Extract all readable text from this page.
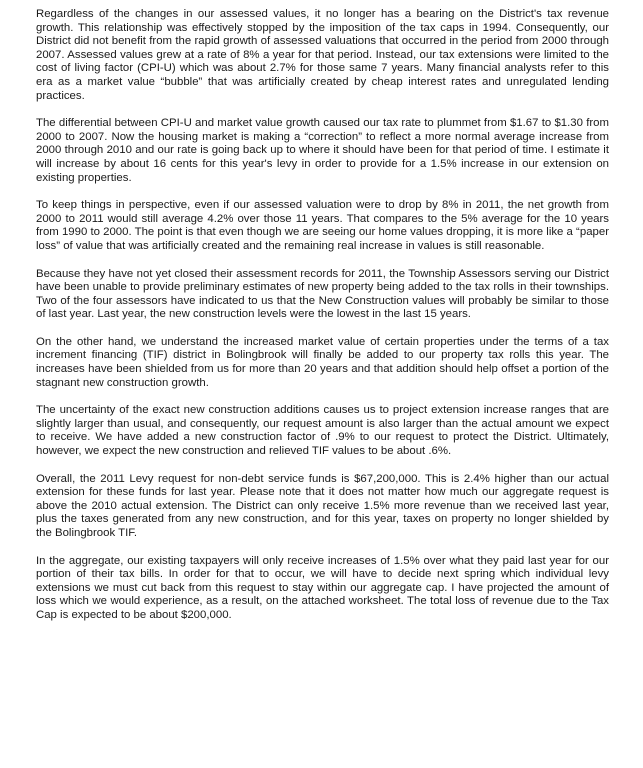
Regardless of the changes in our assessed values, it no longer has a bearing on the District's tax revenue growth. This relationship was effectively stopped by the imposition of the tax caps in 1994. Consequently, our District did not benefit from the rapid growth of assessed valuations that occurred in the period from 2000 through 2007. Assessed values grew at a rate of 8% a year for that period. Instead, our tax extensions were limited to the cost of living factor (CPI-U) which was about 2.7% for those same 7 years. Many financial analysts refer to this era as a market value “bubble” that was artificially created by cheap interest rates and unregulated lending practices.

The differential between CPI-U and market value growth caused our tax rate to plummet from $1.67 to $1.30 from 2000 to 2007. Now the housing market is making a “correction” to reflect a more normal average increase from 2000 through 2010 and our rate is going back up to where it should have been for that period of time. I estimate it will increase by about 16 cents for this year's levy in order to provide for a 1.5% increase in our extension on existing properties.

To keep things in perspective, even if our assessed valuation were to drop by 8% in 2011, the net growth from 2000 to 2011 would still average 4.2% over those 11 years. That compares to the 5% average for the 10 years from 1990 to 2000. The point is that even though we are seeing our home values dropping, it is more like a “paper loss” of value that was artificially created and the remaining real increase in values is still reasonable.

Because they have not yet closed their assessment records for 2011, the Township Assessors serving our District have been unable to provide preliminary estimates of new property being added to the tax rolls in their townships. Two of the four assessors have indicated to us that the New Construction values will probably be similar to those of last year. Last year, the new construction levels were the lowest in the last 15 years.

On the other hand, we understand the increased market value of certain properties under the terms of a tax increment financing (TIF) district in Bolingbrook will finally be added to our property tax rolls this year. The increases have been shielded from us for more than 20 years and that addition should help offset a portion of the stagnant new construction growth.

The uncertainty of the exact new construction additions causes us to project extension increase ranges that are slightly larger than usual, and consequently, our request amount is also larger than the actual amount we expect to receive. We have added a new construction factor of .9% to our request to protect the District. Ultimately, however, we expect the new construction and relieved TIF values to be about .6%.

Overall, the 2011 Levy request for non-debt service funds is $67,200,000. This is 2.4% higher than our actual extension for these funds for last year. Please note that it does not matter how much our aggregate request is above the 2010 actual extension. The District can only receive 1.5% more revenue than we received last year, plus the taxes generated from any new construction, and for this year, taxes on property no longer shielded by the Bolingbrook TIF.

In the aggregate, our existing taxpayers will only receive increases of 1.5% over what they paid last year for our portion of their tax bills. In order for that to occur, we will have to decide next spring which individual levy extensions we must cut back from this request to stay within our aggregate cap. I have projected the amount of loss which we would experience, as a result, on the attached worksheet. The total loss of revenue due to the Tax Cap is expected to be about $200,000.
